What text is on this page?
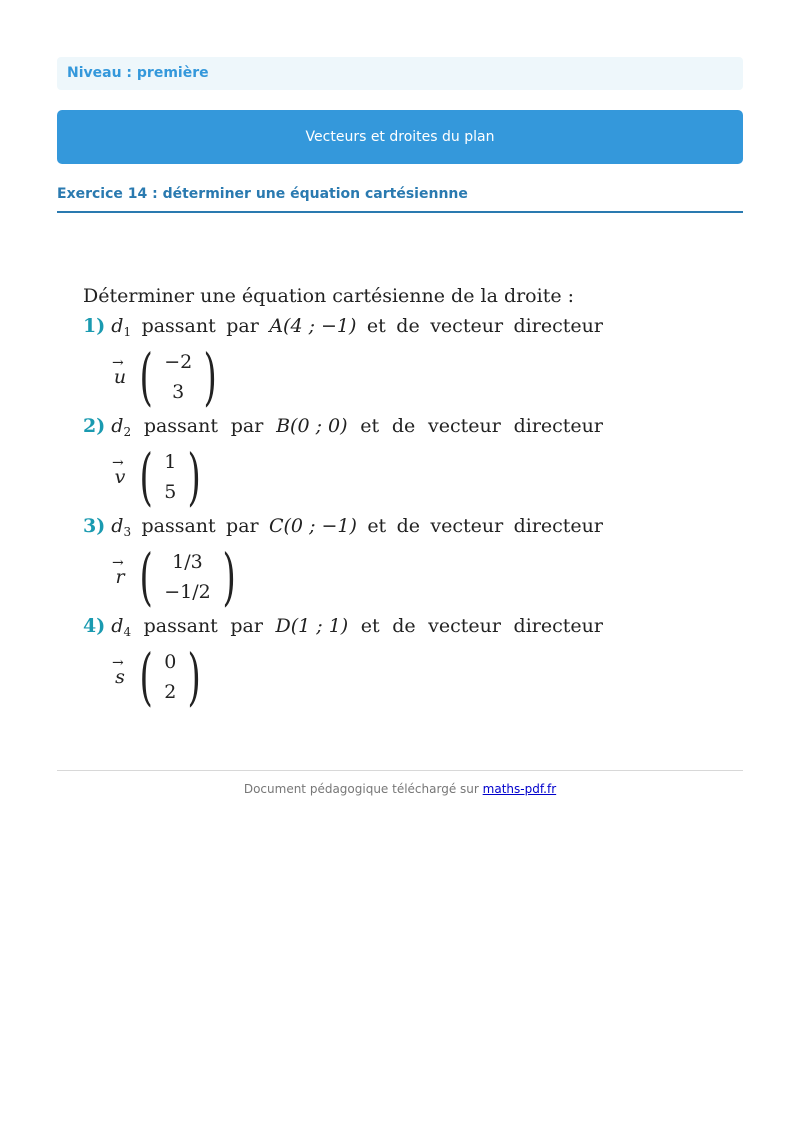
Niveau : première
Vecteurs et droites du plan
Exercice 14 : déterminer une équation cartésiennne

Déterminer une équation cartésienne de la droite :

1) $d_1$ passant par A(4 ; −1) et de vecteur directeur
→
u ( −2
3 )
2) $d_2$ passant par B(0 ; 0) et de vecteur directeur
→
v ( 1
5 )
3) $d_3$ passant par C(0 ; −1) et de vecteur directeur
→
r ( 1/3
−1/2 )
4) $d_4$ passant par D(1 ; 1) et de vecteur directeur
→
s ( 0
2 )
Document pédagogique téléchargé sur maths-pdf.fr
